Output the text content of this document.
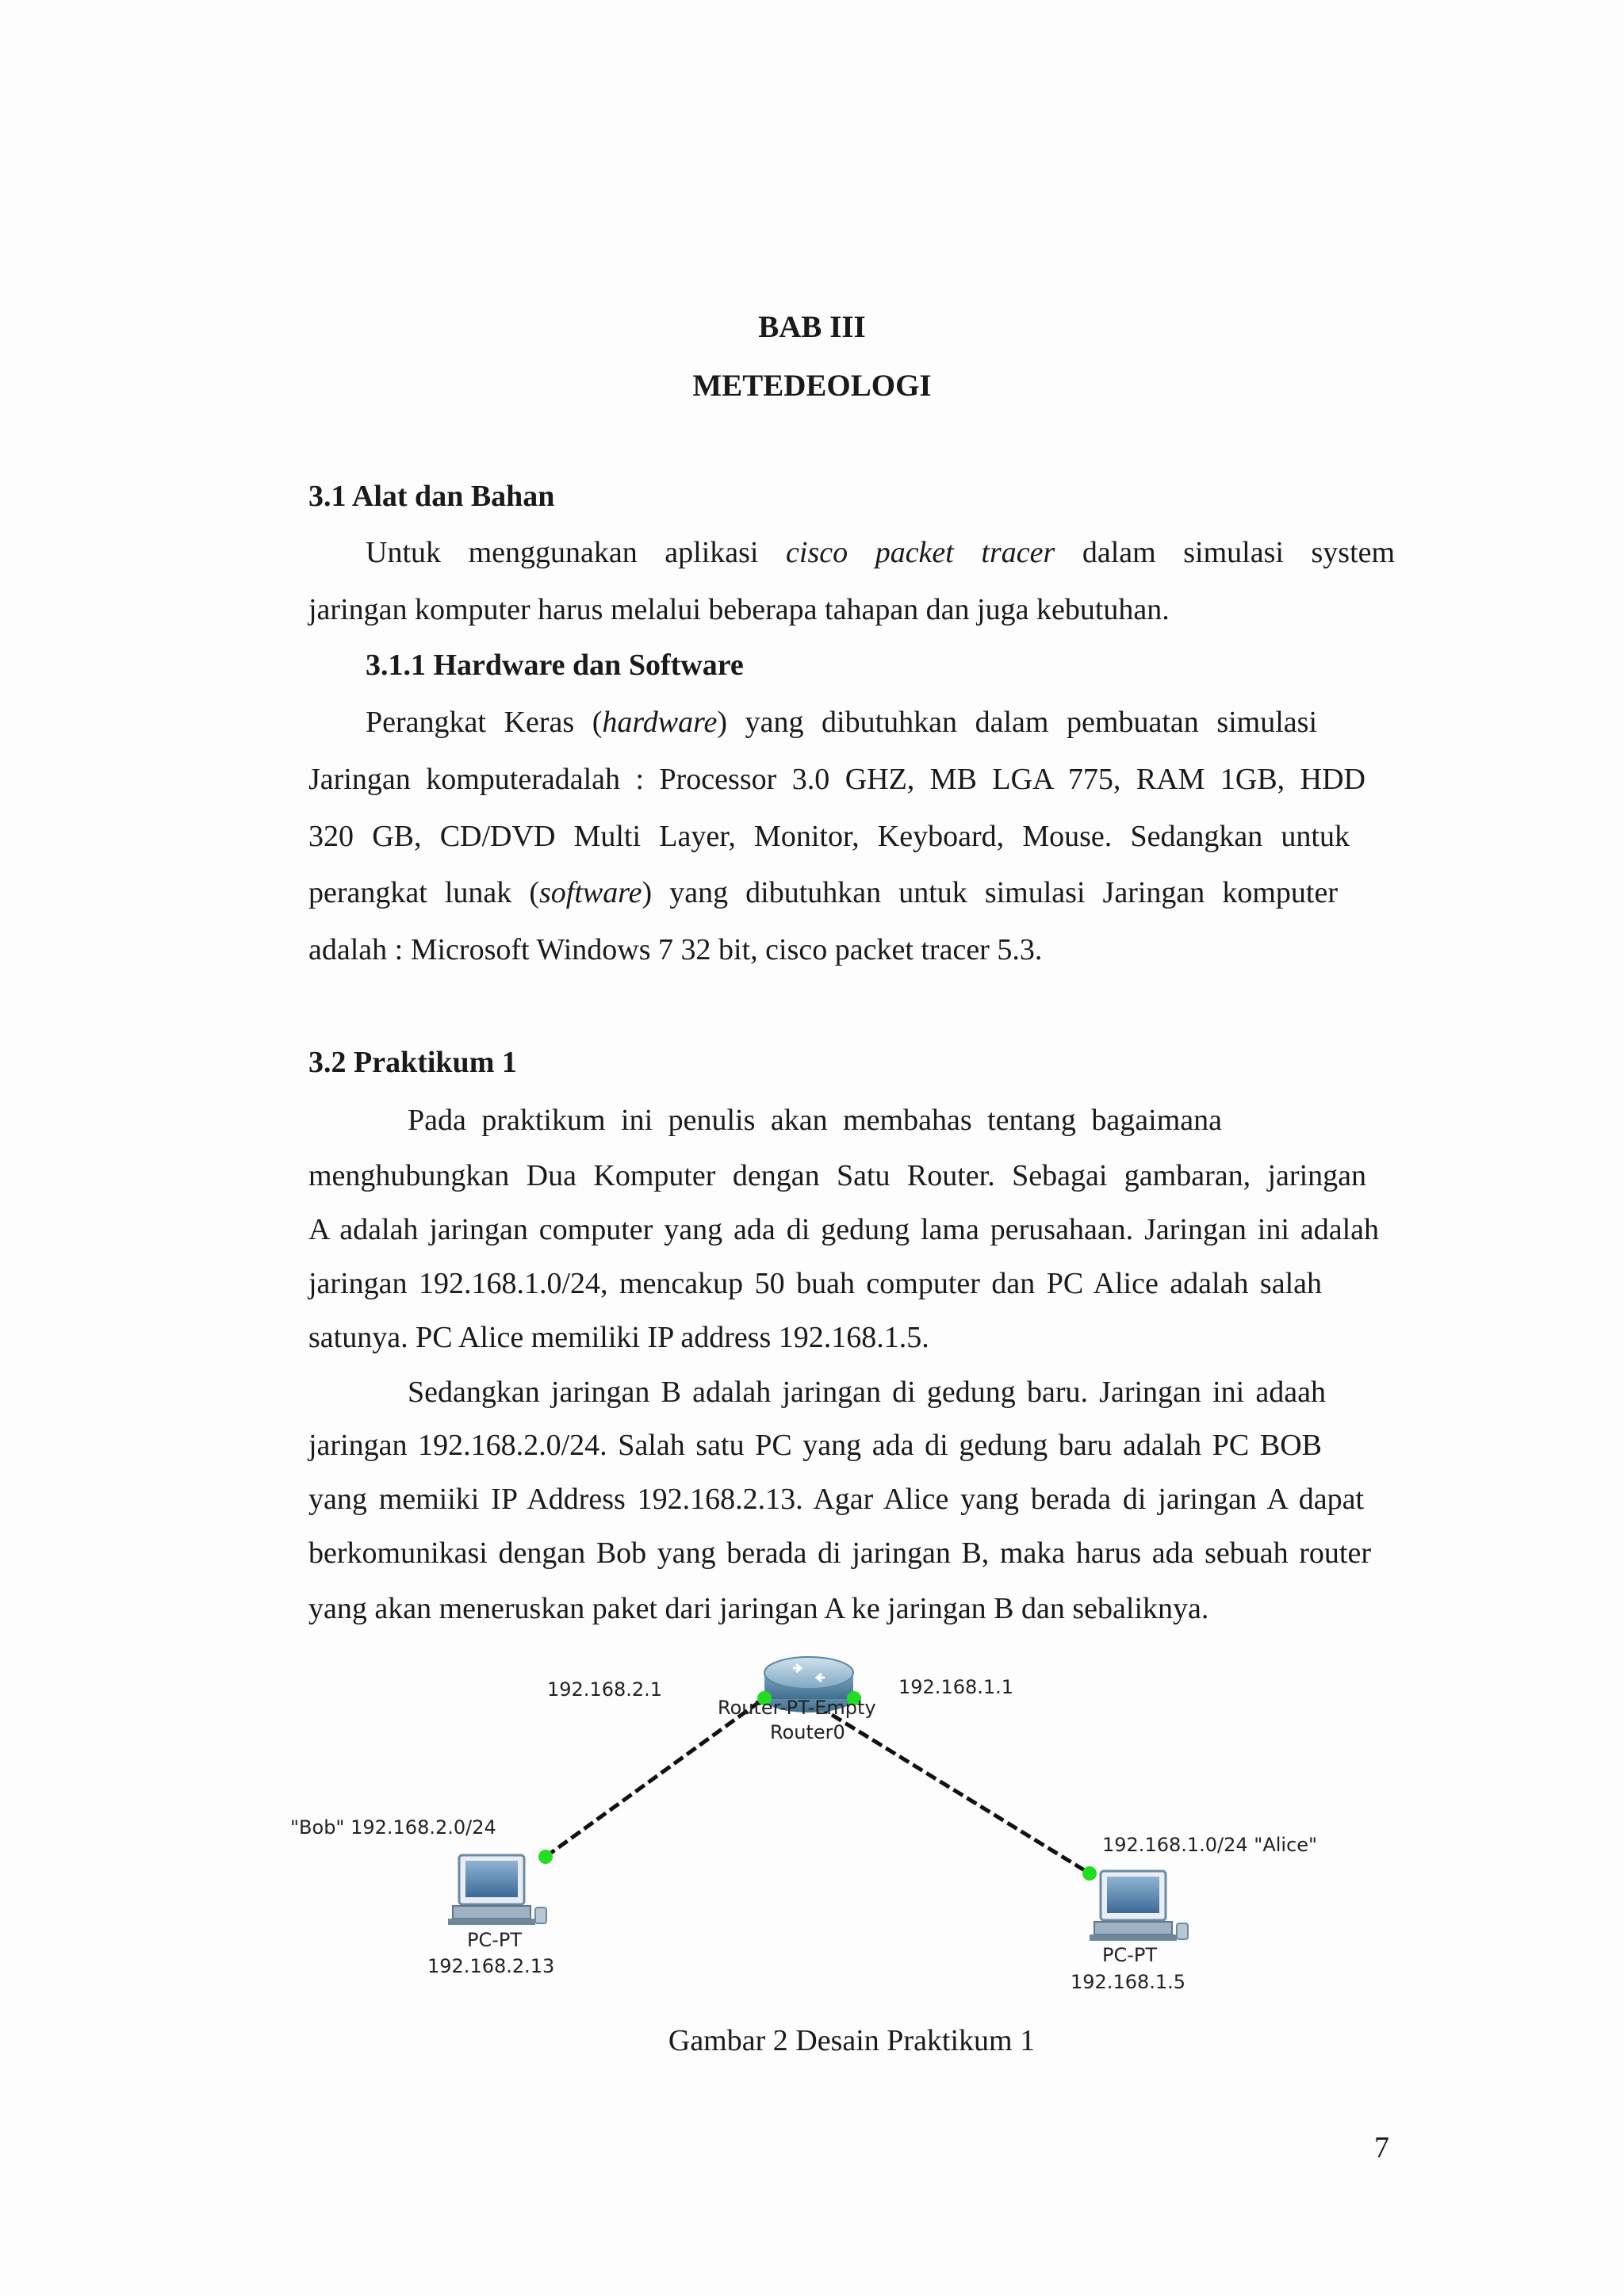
BAB III
METEDEOLOGI
3.1 Alat dan Bahan
Untuk menggunakan aplikasi cisco packet tracer dalam simulasi system
jaringan komputer harus melalui beberapa tahapan dan juga kebutuhan.
3.1.1 Hardware dan Software
Perangkat Keras (hardware) yang dibutuhkan dalam pembuatan simulasi
Jaringan komputeradalah : Processor 3.0 GHZ, MB LGA 775, RAM 1GB, HDD
320 GB, CD/DVD Multi Layer, Monitor, Keyboard, Mouse. Sedangkan untuk
perangkat lunak (software) yang dibutuhkan untuk simulasi Jaringan komputer
adalah : Microsoft Windows 7 32 bit, cisco packet tracer 5.3.
3.2 Praktikum 1
Pada praktikum ini penulis akan membahas tentang bagaimana
menghubungkan Dua Komputer dengan Satu Router. Sebagai gambaran, jaringan
A adalah jaringan computer yang ada di gedung lama perusahaan. Jaringan ini adalah
jaringan 192.168.1.0/24, mencakup 50 buah computer dan PC Alice adalah salah
satunya. PC Alice memiliki IP address 192.168.1.5.
Sedangkan jaringan B adalah jaringan di gedung baru. Jaringan ini adaah
jaringan 192.168.2.0/24. Salah satu PC yang ada di gedung baru adalah PC BOB
yang memiiki IP Address 192.168.2.13. Agar Alice yang berada di jaringan A dapat
berkomunikasi dengan Bob yang berada di jaringan B, maka harus ada sebuah router
yang akan meneruskan paket dari jaringan A ke jaringan B dan sebaliknya.
192.168.2.1	192.168.1.1
Router-PT-Empty
Router0
"Bob" 192.168.2.0/24
PC-PT
192.168.2.13
192.168.1.0/24 "Alice"
PC-PT
192.168.1.5
Gambar 2 Desain Praktikum 1
7
